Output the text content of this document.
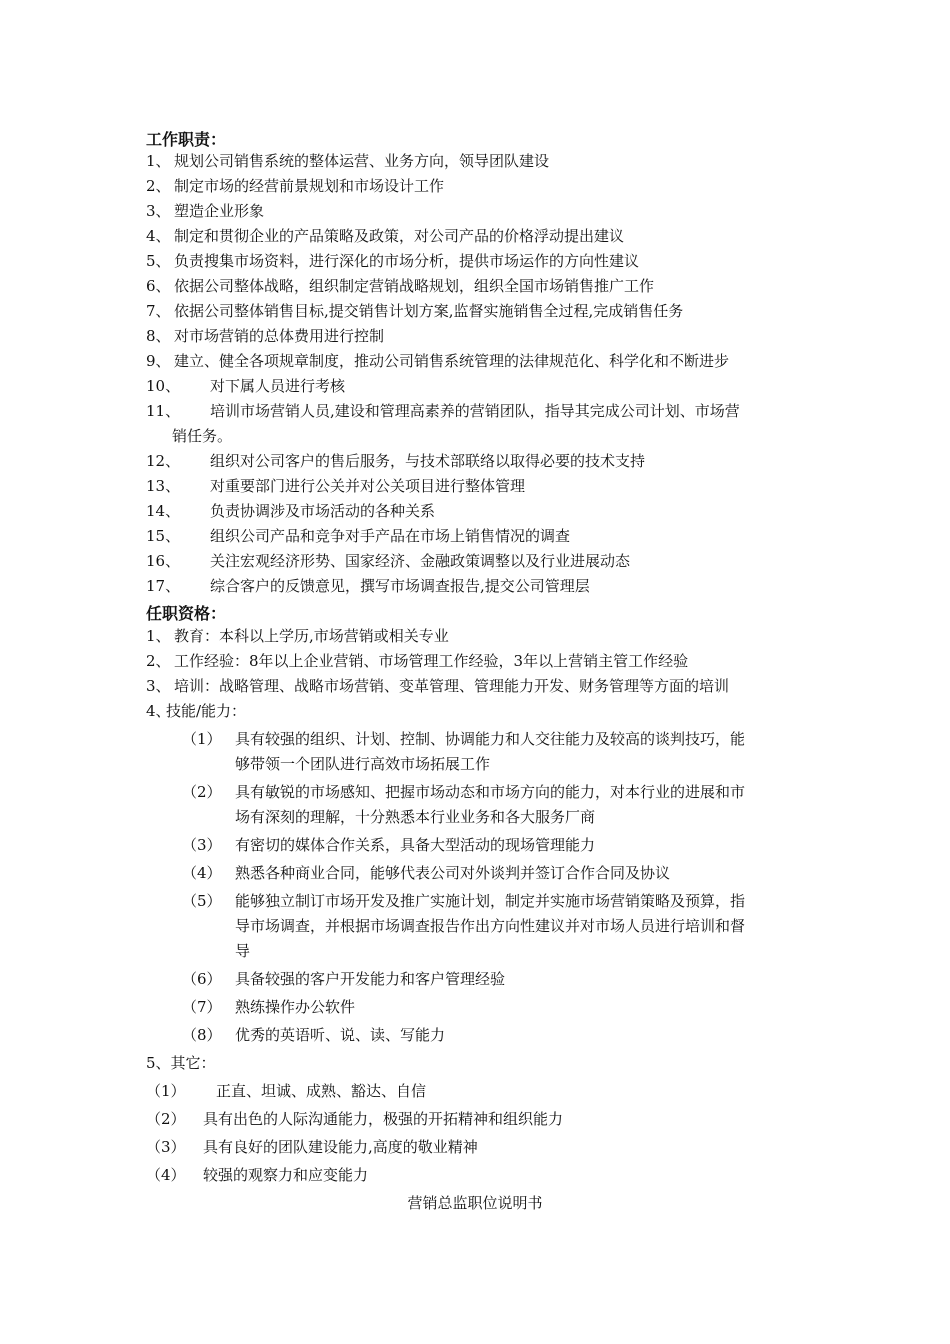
工作职责：
1、 规划公司销售系统的整体运营、业务方向，领导团队建设
2、 制定市场的经营前景规划和市场设计工作
3、 塑造企业形象
4、 制定和贯彻企业的产品策略及政策，对公司产品的价格浮动提出建议
5、 负责搜集市场资料，进行深化的市场分析，提供市场运作的方向性建议
6、 依据公司整体战略，组织制定营销战略规划，组织全国市场销售推广工作
7、 依据公司整体销售目标,提交销售计划方案,监督实施销售全过程,完成销售任务
8、 对市场营销的总体费用进行控制
9、 建立、健全各项规章制度，推动公司销售系统管理的法律规范化、科学化和不断进步
10、 对下属人员进行考核
11、 培训市场营销人员,建设和管理高素养的营销团队，指导其完成公司计划、市场营
销任务。
12、 组织对公司客户的售后服务，与技术部联络以取得必要的技术支持
13、 对重要部门进行公关并对公关项目进行整体管理
14、 负责协调涉及市场活动的各种关系
15、 组织公司产品和竞争对手产品在市场上销售情况的调查
16、 关注宏观经济形势、国家经济、金融政策调整以及行业进展动态
17、 综合客户的反馈意见，撰写市场调查报告,提交公司管理层
任职资格：
1、 教育：本科以上学历,市场营销或相关专业
2、 工作经验：8年以上企业营销、市场管理工作经验，3年以上营销主管工作经验
3、 培训：战略管理、战略市场营销、变革管理、管理能力开发、财务管理等方面的培训
4、
技能/能力：
（1） 具有较强的组织、计划、控制、协调能力和人交往能力及较高的谈判技巧，能
够带领一个团队进行高效市场拓展工作
（2） 具有敏锐的市场感知、把握市场动态和市场方向的能力，对本行业的进展和市
场有深刻的理解，十分熟悉本行业业务和各大服务厂商
（3） 有密切的媒体合作关系，具备大型活动的现场管理能力
（4） 熟悉各种商业合同，能够代表公司对外谈判并签订合作合同及协议
（5） 能够独立制订市场开发及推广实施计划，制定并实施市场营销策略及预算，指
导市场调查，并根据市场调查报告作出方向性建议并对市场人员进行培训和督
导
（6） 具备较强的客户开发能力和客户管理经验
（7） 熟练操作办公软件
（8） 优秀的英语听、说、读、写能力
5、其它：
（1） 正直、坦诚、成熟、豁达、自信
（2） 具有出色的人际沟通能力，极强的开拓精神和组织能力
（3） 具有良好的团队建设能力,高度的敬业精神
（4） 较强的观察力和应变能力
营销总监职位说明书
